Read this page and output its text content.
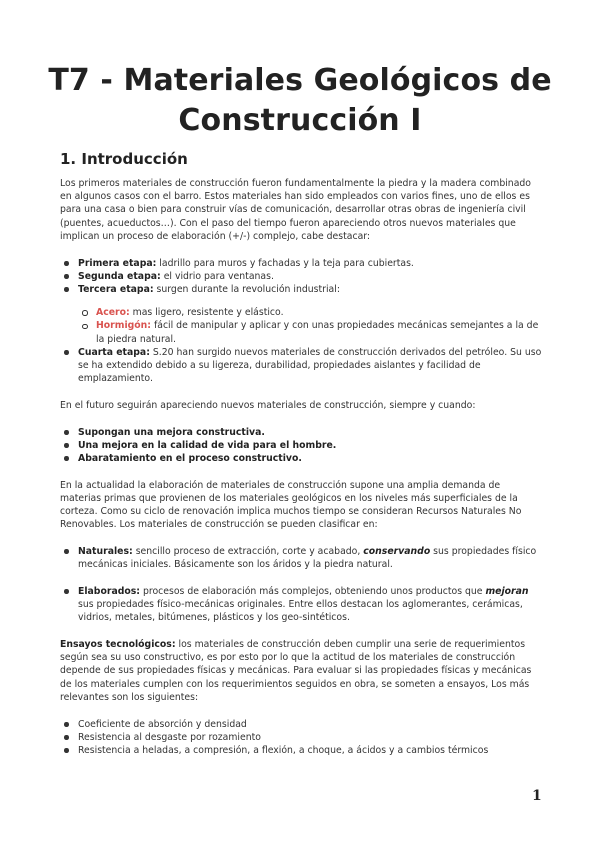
T7 - Materiales Geológicos de Construcción I
1. Introducción

Los primeros materiales de construcción fueron fundamentalmente la piedra y la madera combinado en algunos casos con el barro. Estos materiales han sido empleados con varios fines, uno de ellos es para una casa o bien para construir vías de comunicación, desarrollar otras obras de ingeniería civil (puentes, acueductos…). Con el paso del tiempo fueron apareciendo otros nuevos materiales que implican un proceso de elaboración (+/-) complejo, cabe destacar:

Primera etapa: ladrillo para muros y fachadas y la teja para cubiertas.
Segunda etapa: el vidrio para ventanas.
Tercera etapa: surgen durante la revolución industrial:
Acero: mas ligero, resistente y elástico.
Hormigón: fácil de manipular y aplicar y con unas propiedades mecánicas semejantes a la de la piedra natural.
Cuarta etapa: S.20 han surgido nuevos materiales de construcción derivados del petróleo. Su uso se ha extendido debido a su ligereza, durabilidad, propiedades aislantes y facilidad de emplazamiento.

En el futuro seguirán apareciendo nuevos materiales de construcción, siempre y cuando:

Supongan una mejora constructiva.
Una mejora en la calidad de vida para el hombre.
Abaratamiento en el proceso constructivo.

En la actualidad la elaboración de materiales de construcción supone una amplia demanda de materias primas que provienen de los materiales geológicos en los niveles más superficiales de la corteza. Como su ciclo de renovación implica muchos tiempo se consideran Recursos Naturales No Renovables. Los materiales de construcción se pueden clasificar en:

Naturales: sencillo proceso de extracción, corte y acabado, conservando sus propiedades físico mecánicas iniciales. Básicamente son los áridos y la piedra natural.
Elaborados: procesos de elaboración más complejos, obteniendo unos productos que mejoran sus propiedades físico-mecánicas originales. Entre ellos destacan los aglomerantes, cerámicas, vidrios, metales, bitúmenes, plásticos y los geo-sintéticos.

Ensayos tecnológicos: los materiales de construcción deben cumplir una serie de requerimientos según sea su uso constructivo, es por esto por lo que la actitud de los materiales de construcción depende de sus propiedades físicas y mecánicas. Para evaluar si las propiedades físicas y mecánicas de los materiales cumplen con los requerimientos seguidos en obra, se someten a ensayos, Los más relevantes son los siguientes:

Coeficiente de absorción y densidad
Resistencia al desgaste por rozamiento
Resistencia a heladas, a compresión, a flexión, a choque, a ácidos y a cambios térmicos
1
